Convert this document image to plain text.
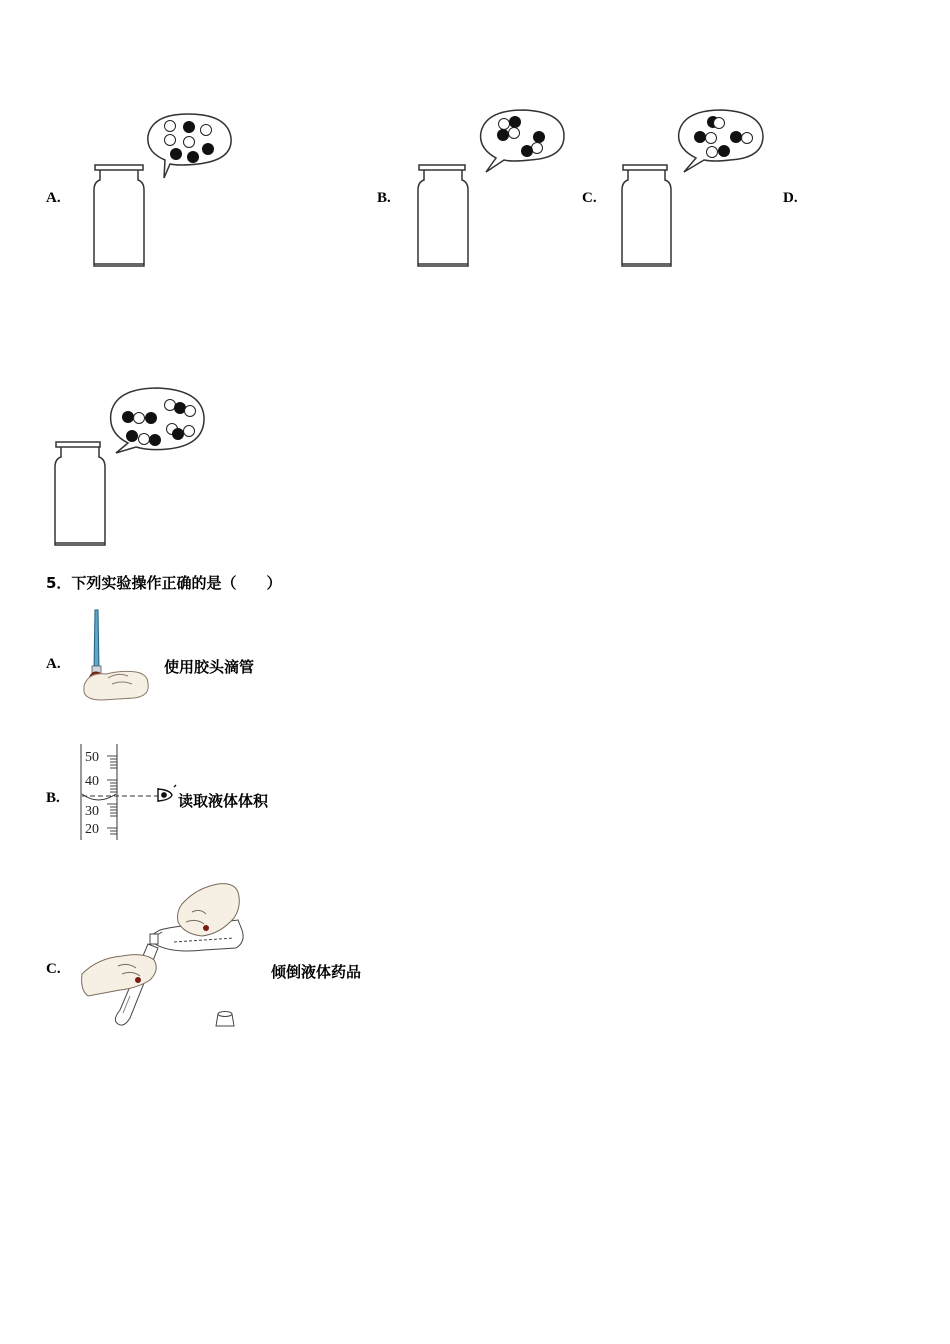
A.	B.	C.	D.
5．下列实验操作正确的是（　　）
A.	使用胶头滴管
B.
50
40
30
20
读取液体体积
C.	倾倒液体药品
